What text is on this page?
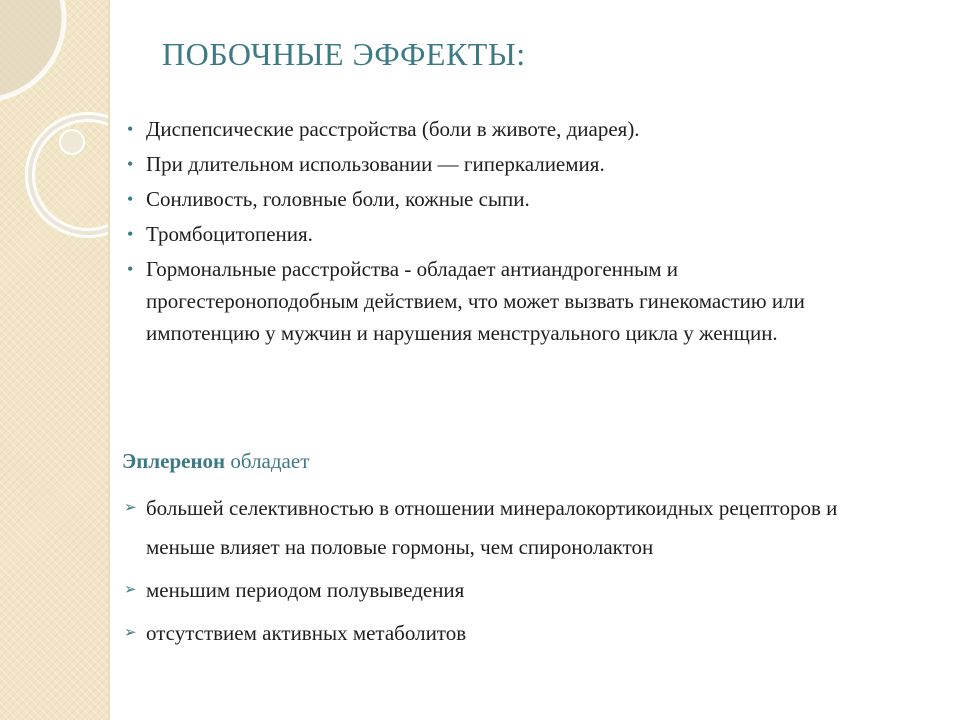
ПОБОЧНЫЕ ЭФФЕКТЫ:
• Диспепсические расстройства (боли в животе, диарея).
• При длительном использовании — гиперкалиемия.
• Сонливость, головные боли, кожные сыпи.
• Тромбоцитопения.
• Гормональные расстройства - обладает антиандрогенным и прогестероноподобным действием, что может вызвать гинекомастию или импотенцию у мужчин и нарушения менструального цикла у женщин.
Эплеренон обладает
➢ большей селективностью в отношении минералокортикоидных рецепторов и меньше влияет на половые гормоны, чем спиронолактон
➢ меньшим периодом полувыведения
➢ отсутствием активных метаболитов
